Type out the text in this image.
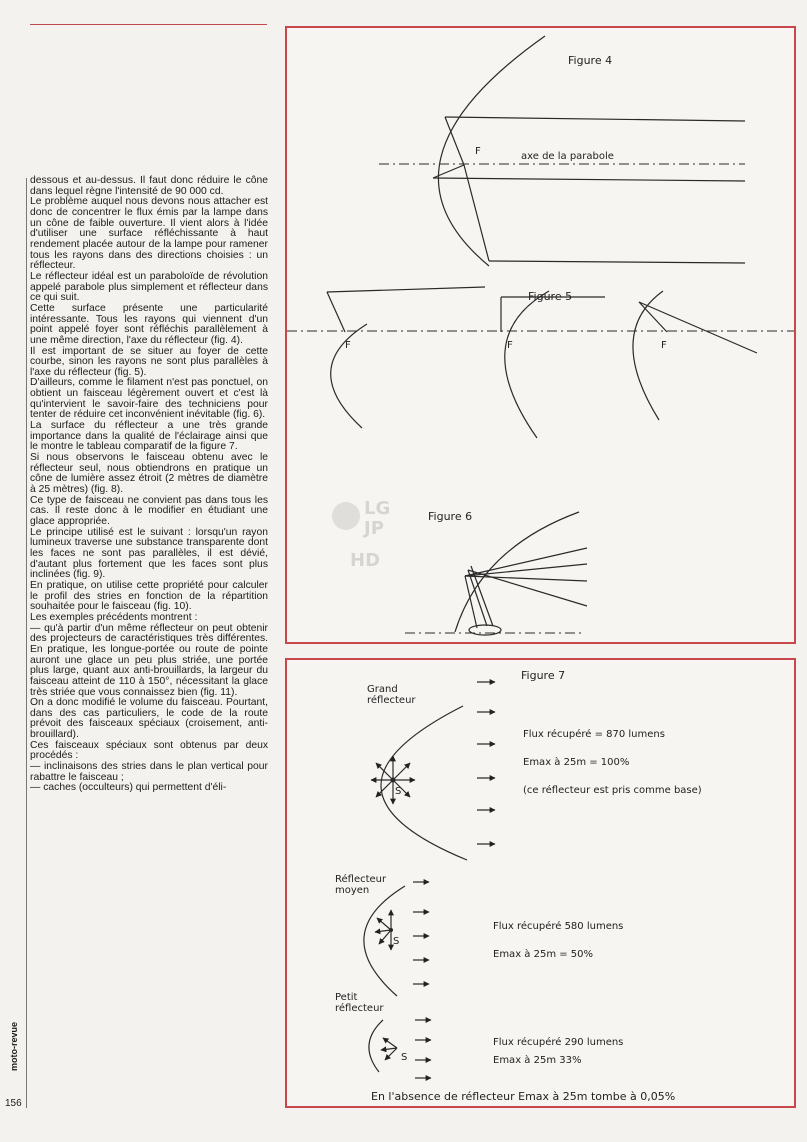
moto-revue
156

dessous et au-dessus. Il faut donc réduire le cône dans lequel règne l'intensité de 90 000 cd.

Le problème auquel nous devons nous attacher est donc de concentrer le flux émis par la lampe dans un cône de faible ouverture. Il vient alors à l'idée d'utiliser une surface réfléchissante à haut rendement placée autour de la lampe pour ramener tous les rayons dans des directions choisies : un réflecteur.

Le réflecteur idéal est un paraboloïde de révolution appelé parabole plus simplement et réflecteur dans ce qui suit.

Cette surface présente une particularité intéressante. Tous les rayons qui viennent d'un point appelé foyer sont réfléchis parallèlement à une même direction, l'axe du réflecteur (fig. 4).

Il est important de se situer au foyer de cette courbe, sinon les rayons ne sont plus parallèles à l'axe du réflecteur (fig. 5).

D'ailleurs, comme le filament n'est pas ponctuel, on obtient un faisceau légèrement ouvert et c'est là qu'intervient le savoir-faire des techniciens pour tenter de réduire cet inconvénient inévitable (fig. 6).

La surface du réflecteur a une très grande importance dans la qualité de l'éclairage ainsi que le montre le tableau comparatif de la figure 7.

Si nous observons le faisceau obtenu avec le réflecteur seul, nous obtiendrons en pratique un cône de lumière assez étroit (2 mètres de diamètre à 25 mètres) (fig. 8).

Ce type de faisceau ne convient pas dans tous les cas. Il reste donc à le modifier en étudiant une glace appropriée.

Le principe utilisé est le suivant : lorsqu'un rayon lumineux traverse une substance transparente dont les faces ne sont pas parallèles, il est dévié, d'autant plus fortement que les faces sont plus inclinées (fig. 9).

En pratique, on utilise cette propriété pour calculer le profil des stries en fonction de la répartition souhaitée pour le faisceau (fig. 10).

Les exemples précédents montrent :

— qu'à partir d'un même réflecteur on peut obtenir des projecteurs de caractéristiques très différentes. En pratique, les longue-portée ou route de pointe auront une glace un peu plus striée, une portée plus large, quant aux anti-brouillards, la largeur du faisceau atteint de 110 à 150°, nécessitant la glace très striée que vous connaissez bien (fig. 11).

On a donc modifié le volume du faisceau. Pourtant, dans des cas particuliers, le code de la route prévoit des faisceaux spéciaux (croisement, anti-brouillard).

Ces faisceaux spéciaux sont obtenus par deux procédés :

— inclinaisons des stries dans le plan vertical pour rabattre le faisceau ;

— caches (occulteurs) qui permettent d'éli-

Figure 4
axe de la parabole
F
Figure 5
F	F	F
Figure 6
LG
JP
HD
Figure 7
Grand
réflecteur
S
Flux récupéré = 870 lumens
Emax à 25m = 100%
(ce réflecteur est pris comme base)
Réflecteur
moyen
S
Flux récupéré 580 lumens
Emax à 25m = 50%
Petit
réflecteur
S
Flux récupéré 290 lumens
Emax à 25m 33%
En l'absence de réflecteur Emax à 25m tombe à 0,05%
